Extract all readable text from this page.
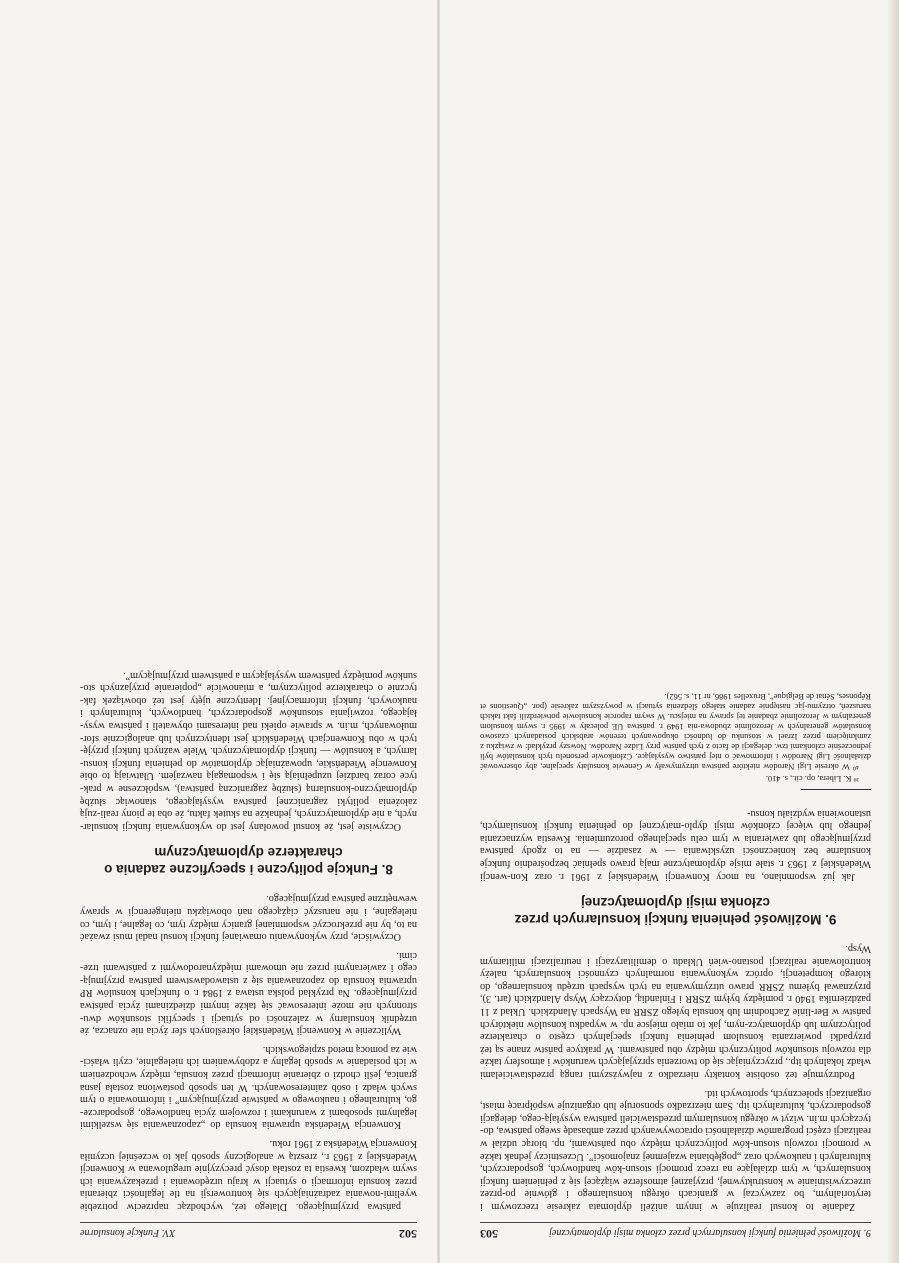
502
XV. Funkcje konsularne

państwa przyjmującego. Dlatego też, wychodząc naprzeciw potrzebie wyelimi-nowania zadrażniających się kontrowersji na tle legalności zbierania przez konsula informacji o sytuacji w kraju urzędowania i przekazywania ich swym władzom, kwestia ta została dosyć precyzyjnie uregulowana w Konwencji Wiedeńskiej z 1963 r., zresztą w analogiczny sposób jak to wcześniej uczyniła Konwencja Wiedeńska z 1961 roku.

Konwencja Wiedeńska uprawnia konsula do „zapoznawania się wszelkimi legalnymi sposobami z warunkami i rozwojem życia handlowego, gospodarcze-go, kulturalnego i naukowego w państwie przyjmującym” i informowania o tym swych władz i osób zainteresowanych. W ten sposób postawiona została jasna granica, jeśli chodzi o zbieranie informacji przez konsula, między wchodzeniem w ich posiadanie w sposób legalny a zdobywaniem ich nielegalnie, czyli właści-wie za pomocą metod szpiegowskich.

Wyliczenie w Konwencji Wiedeńskiej określonych sfer życia nie oznacza, że urzędnik konsularny w zależności od sytuacji i specyfiki stosunków dwu-stronnych nie może interesować się także innymi dziedzinami życia państwa przyjmującego. Na przykład polska ustawa z 1984 r. o funkcjach konsulów RP uprawnia konsula do zapoznawania się z ustawodawstwem państwa przyjmują-cego i zawieranymi przez nie umowami międzynarodowymi z państwami trze-cimi.

Oczywiście, przy wykonywaniu omawianej funkcji konsul nadal musi zważać na to, by nie przekroczyć wspomnianej granicy między tym, co legalne, i tym, co nielegalne, i nie naruszyć ciążącego nań obowiązku nieingerencji w sprawy wewnętrzne państwa przyjmującego.

8. Funkcje polityczne i specyficzne zadania o charakterze dyplomatycznym

Oczywiste jest, że konsul powołany jest do wykonywania funkcji konsular-nych, a nie dyplomatycznych, jednakże na skutek faktu, że oba te piony reali-zują założenia polityki zagranicznej państwa wysyłającego, stanowiąc służbę dyplomatyczno-konsularną (służbę zagraniczną państwa), współczesne w prak-tyce coraz bardziej uzupełniają się i wspomagają nawzajem. Ułatwiają to obie Konwencje Wiedeńskie, upoważniając dyplomatów do pełnienia funkcji konsu-larnych, a konsulów — funkcji dyplomatycznych. Wiele ważnych funkcji przyję-tych w obu Konwencjach Wiedeńskich jest identycznych lub analogicznie sfor-mułowanych, m.in. w sprawie opieki nad interesami obywateli i państwa wysy-łającego, rozwijania stosunków gospodarczych, handlowych, kulturalnych i naukowych, funkcji informacyjnej. Identyczne ujęty jest też obowiązek fak-tycznie o charakterze politycznym, a mianowicie „popieranie przyjaznych sto-sunków pomiędzy państwem wysyłającym a państwem przyjmującym”.

9. Możliwość pełnienia funkcji konsularnych przez członka misji dyplomatycznej
503

Zadanie to konsul realizuje w innym aniżeli dyplomata zakresie rzeczowym i terytorialnym, bo zazwyczaj w granicach okręgu konsularnego i głównie po-przez urzeczywistnianie w konstruktywnej, przyjaznej atmosferze wiążącej się z pełnieniem funkcji konsularnych, w tym działające na rzecz promocji stosun-ków handlowych, gospodarczych, kulturalnych i naukowych oraz „pogłębiania wzajemnej znajomości”. Uczestniczy jednak także w promocji rozwoju stosun-ków politycznych między obu państwami, np. biorąc udział w realizacji części programów działalności opracowywanych przez ambasadę swego państwa, do-tyczących m.in. wizyt w okręgu konsularnym przedstawicieli państwa wysyłają-cego, delegacji gospodarczych, kulturalnych itp. Sam niezrzadko sponsoruje lub organizuje współpracę miast, organizacji społecznych, sportowych itd.

Podtrzymuje też osobiste kontakty nierzadko z najwyższymi rangą przedstawicielami władz lokalnych itp., przyczyniając się do tworzenia sprzyjających warunków i atmosfery także dla rozwoju stosunków politycznych między obu państwami. W praktyce państw znane są też przypadki powierzania konsulom pełnienia funkcji specjalnych często o charakterze politycznym lub dyplomatycz-nym, jak to miało miejsce np. w wypadku konsulów niektórych państw w Ber-linie Zachodnim lub konsula byłego ZSRR na Wyspach Alandzkich. Układ z 11 października 1940 r. pomiędzy byłym ZSRR i Finlandią, dotyczący Wysp Alandzkich (art. 3), przyznawał byłemu ZSRR prawo utrzymywania na tych wyspach urzędu konsularnego, do którego kompetencji, oprócz wykonywania normalnych czynności konsularnych, należy kontrolowanie realizacji postano-wień Układu o demilitaryzacji i neutralizacji militarnym Wysp.

9. Możliwość pełnienia funkcji konsularnych przez członka misji dyplomatycznej

Jak już wspomniano, na mocy Konwencji Wiedeńskiej z 1961 r. oraz Kon-wencji Wiedeńskiej z 1963 r. stałe misje dyplomatyczne mają prawo spełniać bezpośrednio funkcje konsularne bez konieczności uzyskiwania — w zasadzie — na to zgody państwa przyjmującego lub zawierania w tym celu specjalnego porozumienia. Kwestia wyznaczania jednego lub więcej członków misji dyplo-matycznej do pełnienia funkcji konsularnych, ustanowienia wydziału konsu-

³⁹ K. Libera, op. cit., s. 410.

⁴⁰ W okresie Ligi Narodów niektóre państwa utrzymywały w Genewie konsulaty specjalne, aby obserwować działalność Ligi Narodów i informować o niej państwo wysyłające. Członkowie personelu tych konsulatów byli jednocześnie członkami tzw. delegacji de facto z tych państw przy Lidze Narodów. Nowszy przykład: w związku z zamknięciem przez Izrael w stosunku do ludności okupowanych terenów arabskich posiadanych czasowo konsulatów generalnych w Jerozolimie zbudowa-nia 1949 r. państwa UE polecały w 1995 r. swym konsulom generalnym w Jerozolimie zbadanie tej sprawy na miejscu. W swym raporcie konsulowie potwierdzili fakt takich naruszeń, otrzymu-jąc następnie zadanie stałego śledzenia sytuacji w powyższym zakresie (por. „Questions et Réponses, Sénat de Belgique”, Bruxelles 1986, nr 11, s. 562).
